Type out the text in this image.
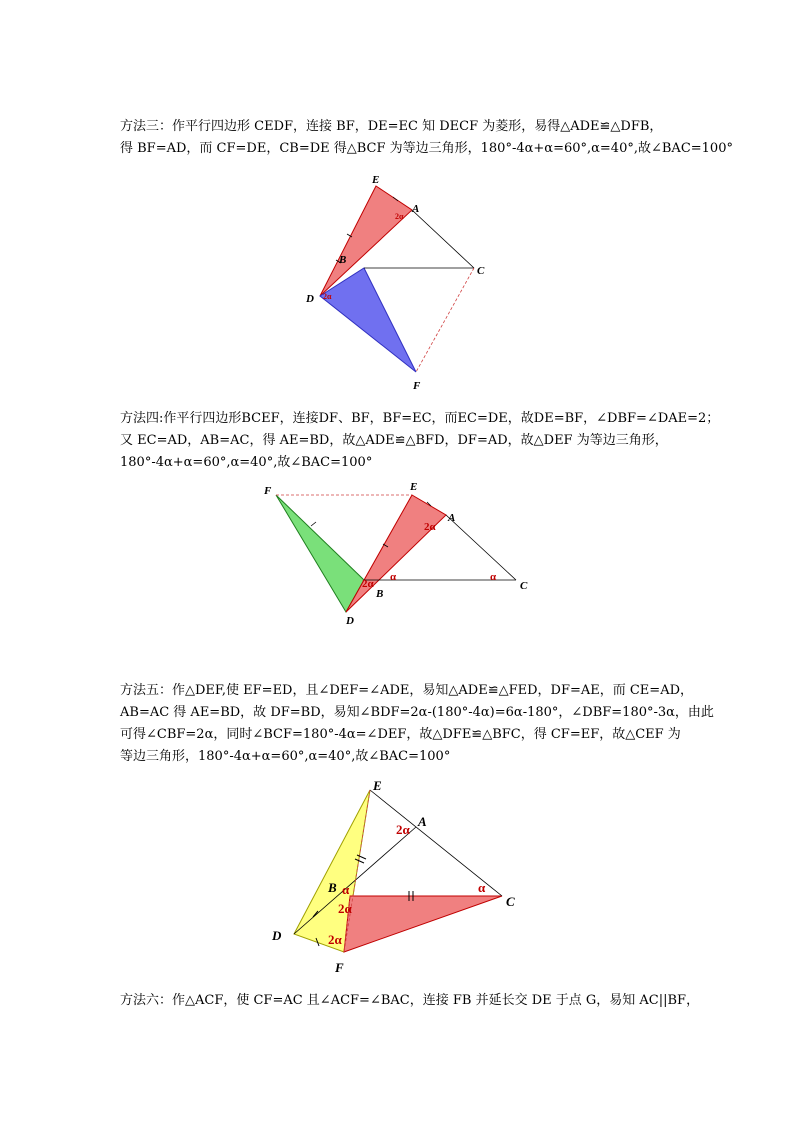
方法三：作平行四边形 CEDF，连接 BF，DE=EC 知 DECF 为菱形，易得△ADE≌△DFB，
得 BF=AD，而 CF=DE，CB=DE 得△BCF 为等边三角形，180°-4α+α=60°,α=40°,故∠BAC=100°
E
A
B
C
D
F
2α
2α
方法四:作平行四边形BCEF，连接DF、BF，BF=EC，而EC=DE，故DE=BF，∠DBF=∠DAE=2；
又 EC=AD，AB=AC，得 AE=BD，故△ADE≌△BFD，DF=AD，故△DEF 为等边三角形，
180°-4α+α=60°,α=40°,故∠BAC=100°
F	E
A
B
C
D
2α
2α
α	α
方法五：作△DEF,使 EF=ED，且∠DEF=∠ADE，易知△ADE≌△FED，DF=AE，而 CE=AD，
AB=AC 得 AE=BD，故 DF=BD，易知∠BDF=2α-(180°-4α)=6α-180°，∠DBF=180°-3α，由此
可得∠CBF=2α，同时∠BCF=180°-4α=∠DEF，故△DFE≌△BFC，得 CF=EF，故△CEF 为
等边三角形，180°-4α+α=60°,α=40°,故∠BAC=100°
E
A
B
C
D
F
2α
α
2α
2α
α
方法六：作△ACF，使 CF=AC 且∠ACF=∠BAC，连接 FB 并延长交 DE 于点 G，易知 AC||BF，
